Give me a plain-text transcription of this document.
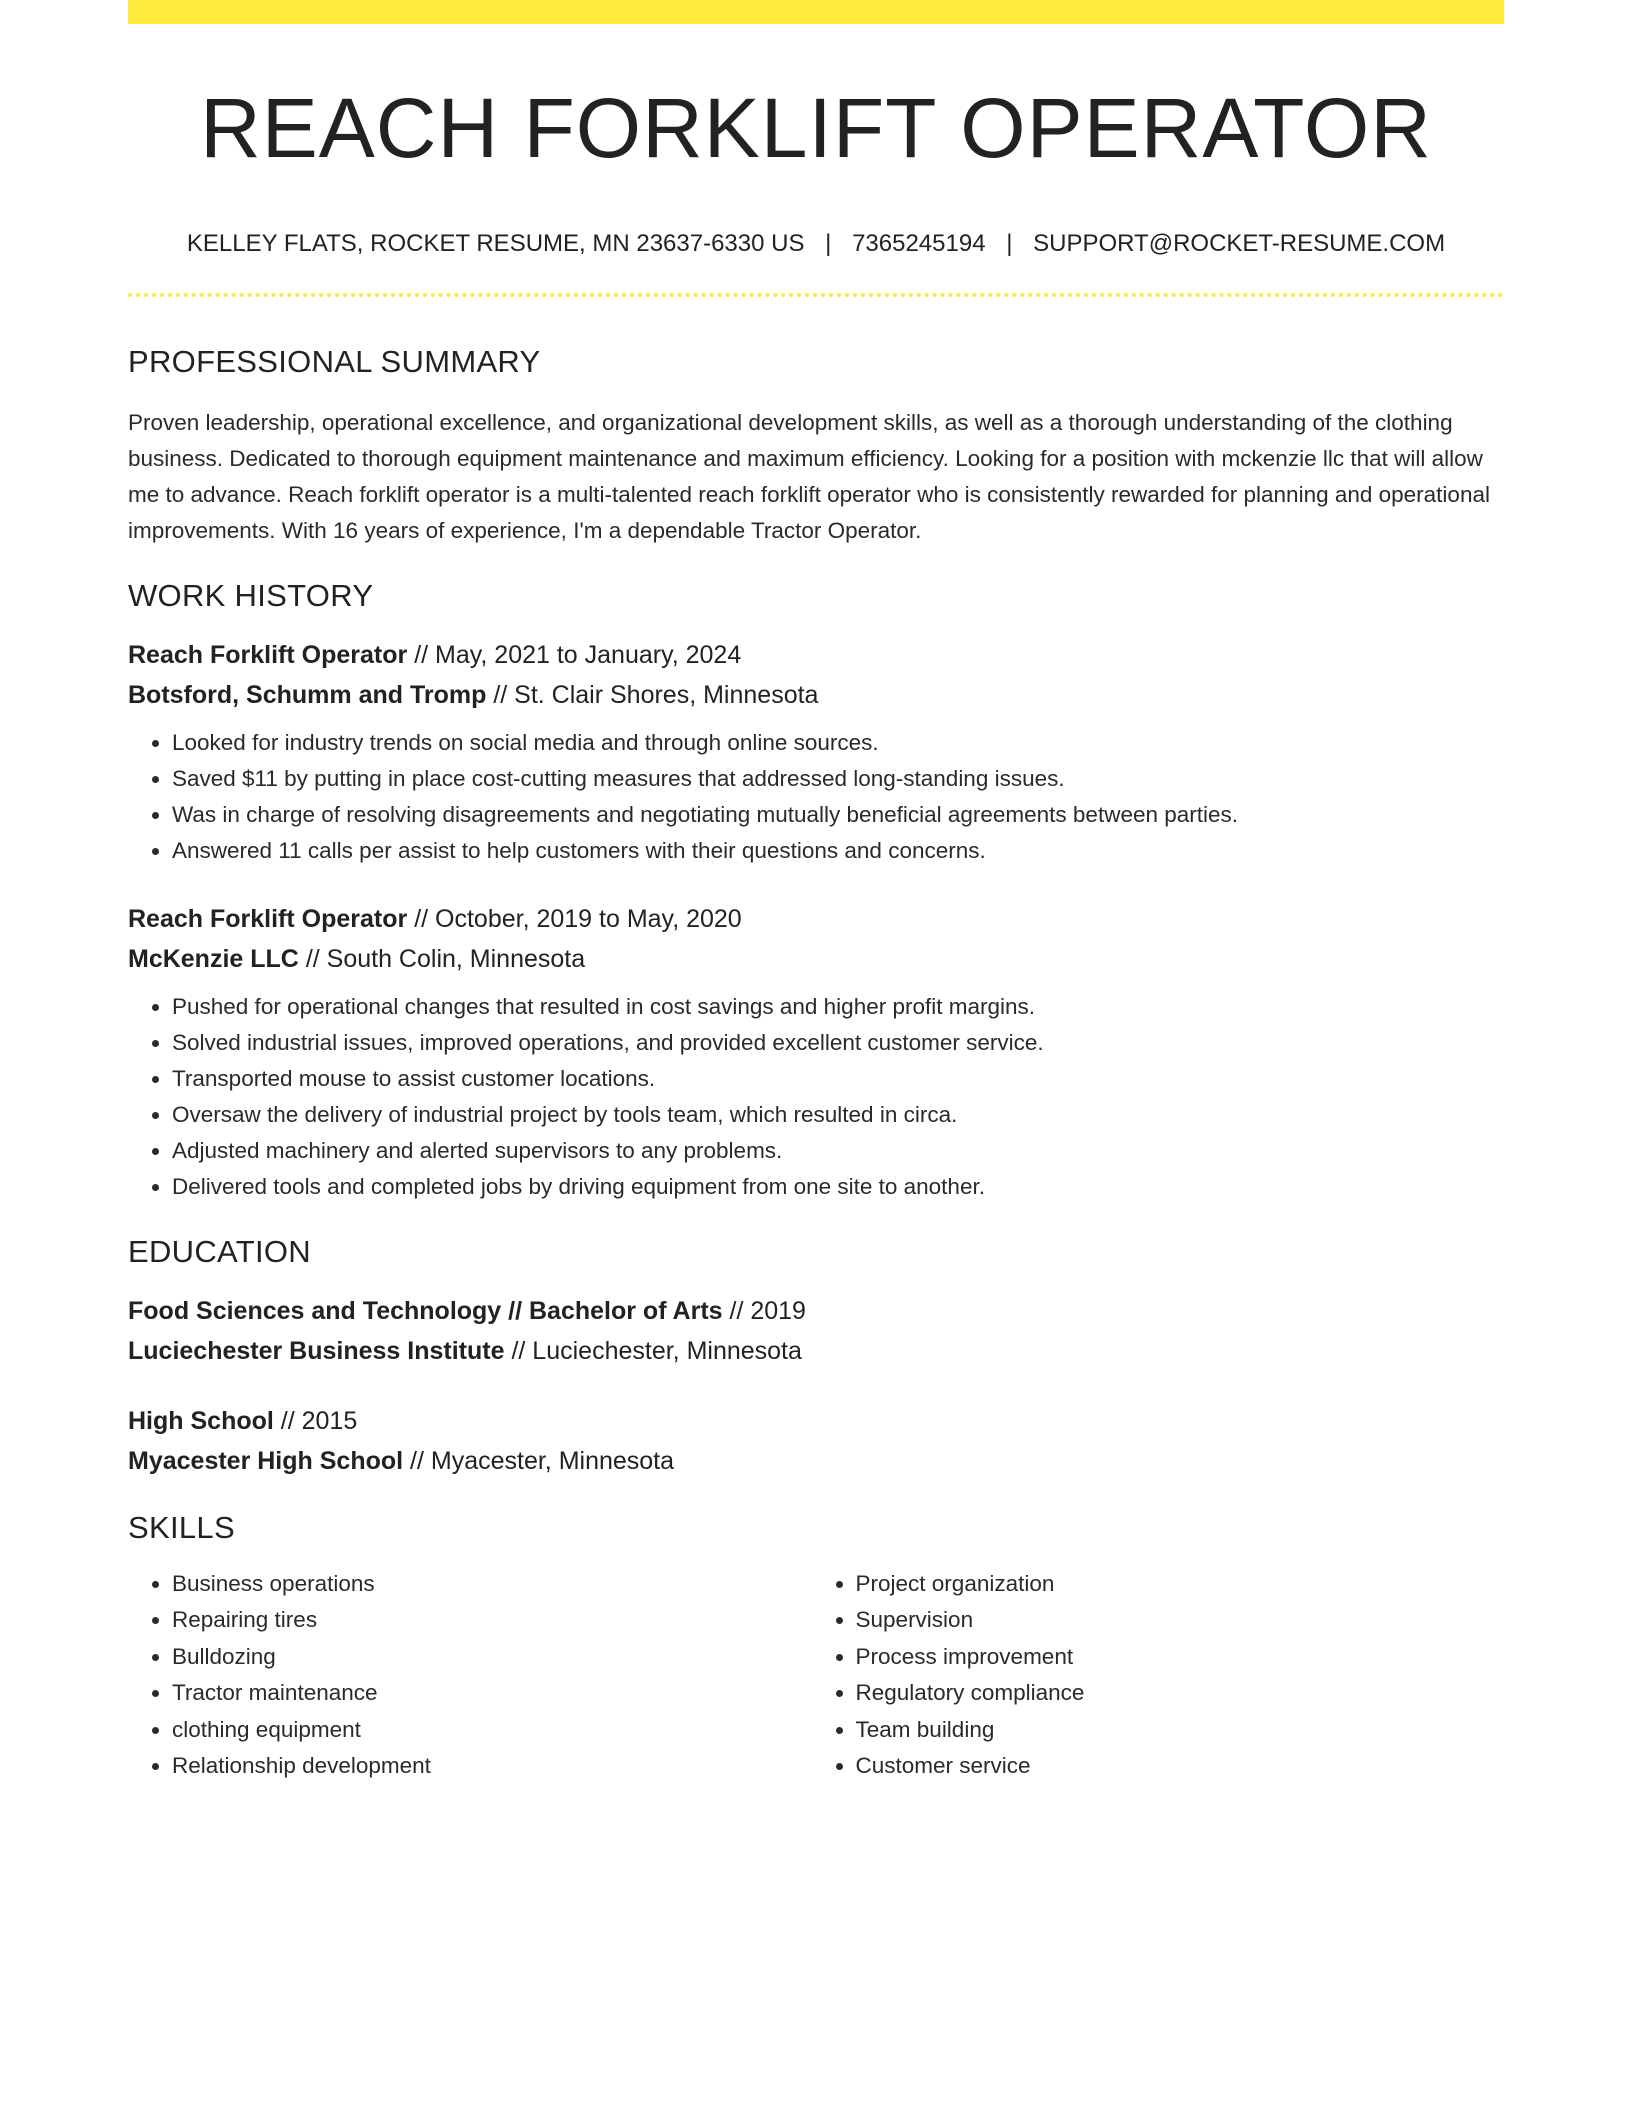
REACH FORKLIFT OPERATOR
KELLEY FLATS, ROCKET RESUME, MN 23637-6330 US | 7365245194 | SUPPORT@ROCKET-RESUME.COM
PROFESSIONAL SUMMARY

Proven leadership, operational excellence, and organizational development skills, as well as a thorough understanding of the clothing business. Dedicated to thorough equipment maintenance and maximum efficiency. Looking for a position with mckenzie llc that will allow me to advance. Reach forklift operator is a multi-talented reach forklift operator who is consistently rewarded for planning and operational improvements. With 16 years of experience, I'm a dependable Tractor Operator.

WORK HISTORY
Reach Forklift Operator // May, 2021 to January, 2024
Botsford, Schumm and Tromp // St. Clair Shores, Minnesota
• Looked for industry trends on social media and through online sources.
• Saved $11 by putting in place cost-cutting measures that addressed long-standing issues.
• Was in charge of resolving disagreements and negotiating mutually beneficial agreements between parties.
• Answered 11 calls per assist to help customers with their questions and concerns.
Reach Forklift Operator // October, 2019 to May, 2020
McKenzie LLC // South Colin, Minnesota
• Pushed for operational changes that resulted in cost savings and higher profit margins.
• Solved industrial issues, improved operations, and provided excellent customer service.
• Transported mouse to assist customer locations.
• Oversaw the delivery of industrial project by tools team, which resulted in circa.
• Adjusted machinery and alerted supervisors to any problems.
• Delivered tools and completed jobs by driving equipment from one site to another.
EDUCATION
Food Sciences and Technology // Bachelor of Arts // 2019
Luciechester Business Institute // Luciechester, Minnesota
High School // 2015
Myacester High School // Myacester, Minnesota
SKILLS
• Business operations
• Repairing tires
• Bulldozing
• Tractor maintenance
• clothing equipment
• Relationship development
• Project organization
• Supervision
• Process improvement
• Regulatory compliance
• Team building
• Customer service
